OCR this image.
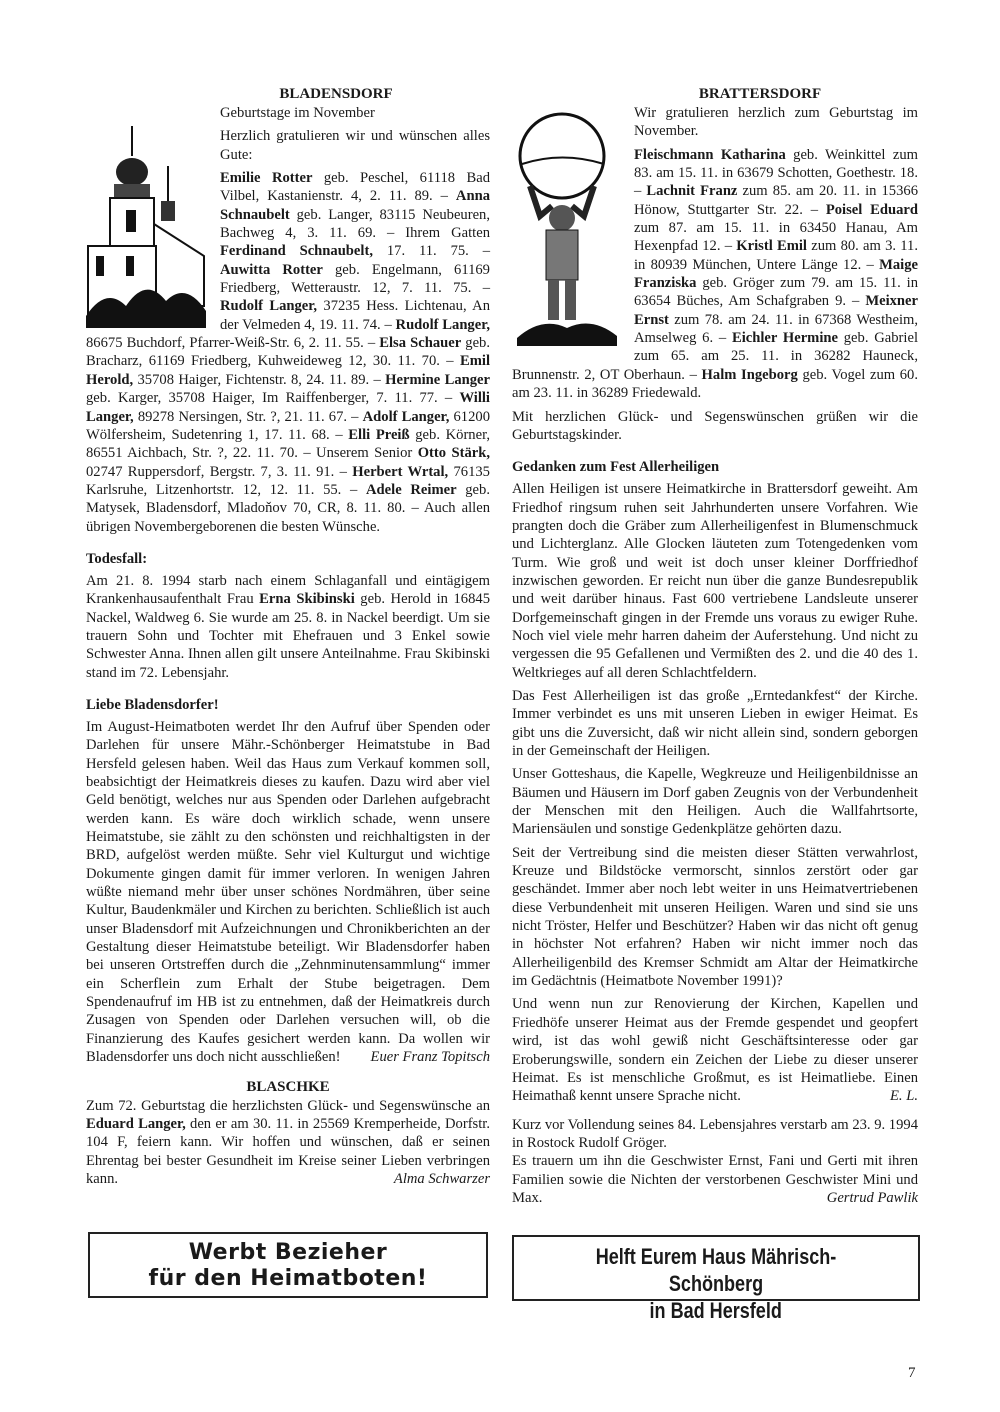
BLADENSDORF

Geburtstage im November

Herzlich gratulieren wir und wünschen alles Gute:

Emilie Rotter geb. Peschel, 61118 Bad Vilbel, Kastanienstr. 4, 2. 11. 89. – Anna Schnaubelt geb. Langer, 83115 Neubeuren, Bachweg 4, 3. 11. 69. – Ihrem Gatten Ferdinand Schnaubelt, 17. 11. 75. – Auwitta Rotter geb. Engelmann, 61169 Friedberg, Wetteraustr. 12, 7. 11. 75. – Rudolf Langer, 37235 Hess. Lichtenau, An der Velmeden 4, 19. 11. 74. – Rudolf Langer, 86675 Buchdorf, Pfarrer-Weiß-Str. 6, 2. 11. 55. – Elsa Schauer geb. Bracharz, 61169 Friedberg, Kuhweideweg 12, 30. 11. 70. – Emil Herold, 35708 Haiger, Fichtenstr. 8, 24. 11. 89. – Hermine Langer geb. Karger, 35708 Haiger, Im Raiffenberger, 7. 11. 77. – Willi Langer, 89278 Nersingen, Str. ?, 21. 11. 67. – Adolf Langer, 61200 Wölfersheim, Sudetenring 1, 17. 11. 68. – Elli Preiß geb. Körner, 86551 Aichbach, Str. ?, 22. 11. 70. – Unserem Senior Otto Stärk, 02747 Ruppersdorf, Bergstr. 7, 3. 11. 91. – Herbert Wrtal, 76135 Karlsruhe, Litzenhortstr. 12, 12. 11. 55. – Adele Reimer geb. Matysek, Bladensdorf, Mladoňov 70, CR, 8. 11. 80. – Auch allen übrigen Novembergeborenen die besten Wünsche.

Todesfall:

Am 21. 8. 1994 starb nach einem Schlaganfall und eintägigem Krankenhausaufenthalt Frau Erna Skibinski geb. Herold in 16845 Nackel, Waldweg 6. Sie wurde am 25. 8. in Nackel beerdigt. Um sie trauern Sohn und Tochter mit Ehefrauen und 3 Enkel sowie Schwester Anna. Ihnen allen gilt unsere Anteilnahme. Frau Skibinski stand im 72. Lebensjahr.

Liebe Bladensdorfer!

Im August-Heimatboten werdet Ihr den Aufruf über Spenden oder Darlehen für unsere Mähr.-Schönberger Heimatstube in Bad Hersfeld gelesen haben. Weil das Haus zum Verkauf kommen soll, beabsichtigt der Heimatkreis dieses zu kaufen. Dazu wird aber viel Geld benötigt, welches nur aus Spenden oder Darlehen aufgebracht werden kann. Es wäre doch wirklich schade, wenn unsere Heimatstube, sie zählt zu den schönsten und reichhaltigsten in der BRD, aufgelöst werden müßte. Sehr viel Kulturgut und wichtige Dokumente gingen damit für immer verloren. In wenigen Jahren wüßte niemand mehr über unser schönes Nordmähren, über seine Kultur, Baudenkmäler und Kirchen zu berichten. Schließlich ist auch unser Bladensdorf mit Aufzeichnungen und Chronikberichten an der Gestaltung dieser Heimatstube beteiligt. Wir Bladensdorfer haben bei unseren Ortstreffen durch die „Zehnminutensammlung“ immer ein Scherflein zum Erhalt der Stube beigetragen. Dem Spendenaufruf im HB ist zu entnehmen, daß der Heimatkreis durch Zusagen von Spenden oder Darlehen versuchen will, ob die Finanzierung des Kaufes gesichert werden kann. Da wollen wir Bladensdorfer uns doch nicht ausschließen! Euer Franz Topitsch

BLASCHKE

Zum 72. Geburtstag die herzlichsten Glück- und Segenswünsche an Eduard Langer, den er am 30. 11. in 25569 Kremperheide, Dorfstr. 104 F, feiern kann. Wir hoffen und wünschen, daß er seinen Ehrentag bei bester Gesundheit im Kreise seiner Lieben verbringen kann.	Alma Schwarzer

BRATTERSDORF

Wir gratulieren herzlich zum Geburtstag im November.

Fleischmann Katharina geb. Weinkittel zum 83. am 15. 11. in 63679 Schotten, Goethestr. 18. – Lachnit Franz zum 85. am 20. 11. in 15366 Hönow, Stuttgarter Str. 22. – Poisel Eduard zum 87. am 15. 11. in 63450 Hanau, Am Hexenpfad 12. – Kristl Emil zum 80. am 3. 11. in 80939 München, Untere Länge 12. – Maige Franziska geb. Gröger zum 79. am 15. 11. in 63654 Büches, Am Schafgraben 9. – Meixner Ernst zum 78. am 24. 11. in 67368 Westheim, Amselweg 6. – Eichler Hermine geb. Gabriel zum 65. am 25. 11. in 36282 Hauneck, Brunnenstr. 2, OT Oberhaun. – Halm Ingeborg geb. Vogel zum 60. am 23. 11. in 36289 Friedewald.

Mit herzlichen Glück- und Segenswünschen grüßen wir die Geburtstagskinder.

Gedanken zum Fest Allerheiligen

Allen Heiligen ist unsere Heimatkirche in Brattersdorf geweiht. Am Friedhof ringsum ruhen seit Jahrhunderten unsere Vorfahren. Wie prangten doch die Gräber zum Allerheiligenfest in Blumenschmuck und Lichterglanz. Alle Glocken läuteten zum Totengedenken vom Turm. Wie groß und weit ist doch unser kleiner Dorffriedhof inzwischen geworden. Er reicht nun über die ganze Bundesrepublik und weit darüber hinaus. Fast 600 vertriebene Landsleute unserer Dorfgemeinschaft gingen in der Fremde uns voraus zu ewiger Ruhe. Noch viel viele mehr harren daheim der Auferstehung. Und nicht zu vergessen die 95 Gefallenen und Vermißten des 2. und die 40 des 1. Weltkrieges auf all deren Schlachtfeldern.

Das Fest Allerheiligen ist das große „Erntedankfest“ der Kirche. Immer verbindet es uns mit unseren Lieben in ewiger Heimat. Es gibt uns die Zuversicht, daß wir nicht allein sind, sondern geborgen in der Gemeinschaft der Heiligen.

Unser Gotteshaus, die Kapelle, Wegkreuze und Heiligenbildnisse an Bäumen und Häusern im Dorf gaben Zeugnis von der Verbundenheit der Menschen mit den Heiligen. Auch die Wallfahrtsorte, Mariensäulen und sonstige Gedenkplätze gehörten dazu.

Seit der Vertreibung sind die meisten dieser Stätten verwahrlost, Kreuze und Bildstöcke vermorscht, sinnlos zerstört oder gar geschändet. Immer aber noch lebt weiter in uns Heimatvertriebenen diese Verbundenheit mit unseren Heiligen. Waren und sind sie uns nicht Tröster, Helfer und Beschützer? Haben wir das nicht oft genug in höchster Not erfahren? Haben wir nicht immer noch das Allerheiligenbild des Kremser Schmidt am Altar der Heimatkirche im Gedächtnis (Heimatbote November 1991)?

Und wenn nun zur Renovierung der Kirchen, Kapellen und Friedhöfe unserer Heimat aus der Fremde gespendet und geopfert wird, ist das wohl gewiß nicht Geschäftsinteresse oder gar Eroberungswille, sondern ein Zeichen der Liebe zu dieser unserer Heimat. Es ist menschliche Großmut, es ist Heimatliebe. Einen Heimathaß kennt unsere Sprache nicht.	E. L.

Kurz vor Vollendung seines 84. Lebensjahres verstarb am 23. 9. 1994 in Rostock Rudolf Gröger.

Es trauern um ihn die Geschwister Ernst, Fani und Gerti mit ihren Familien sowie die Nichten der verstorbenen Geschwister Mini und Max.	Gertrud Pawlik

Werbt Bezieher
für den Heimatboten!
Helft Eurem Haus Mährisch-Schönberg
in Bad Hersfeld
7
